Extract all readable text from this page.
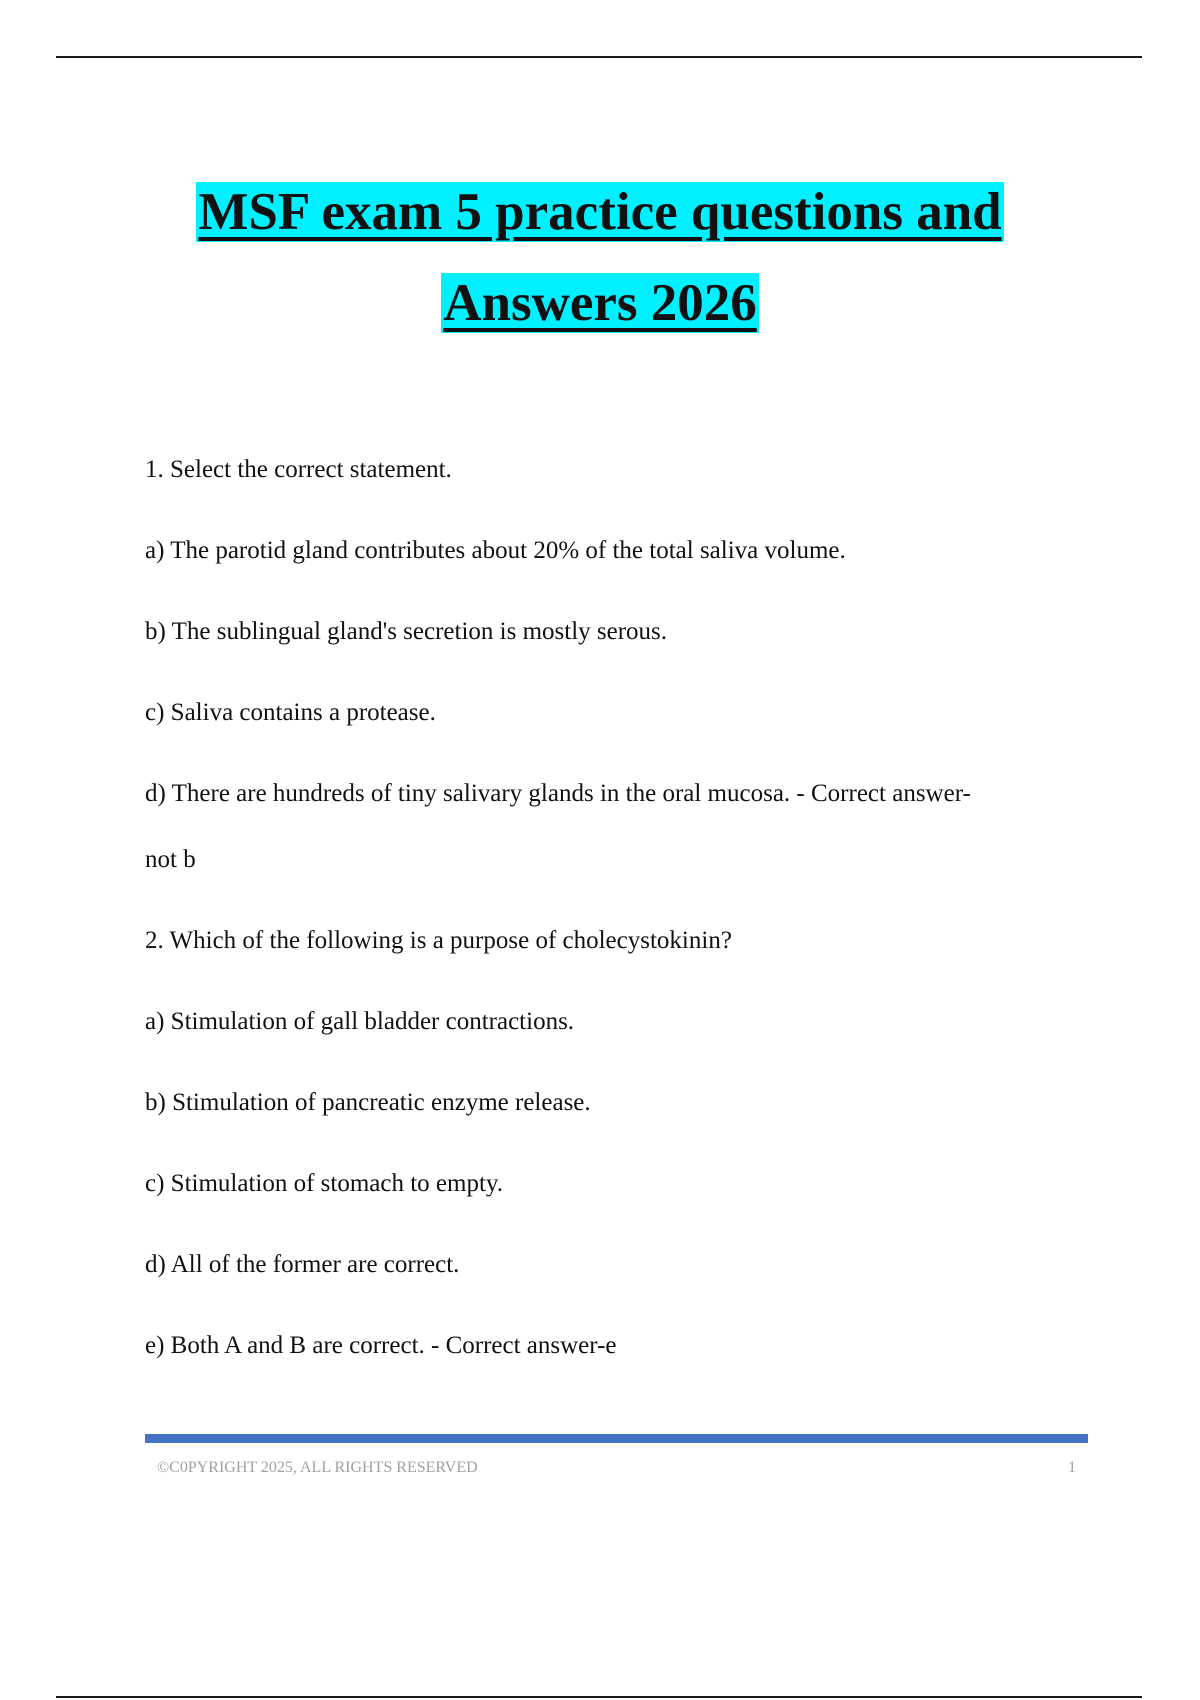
MSF exam 5 practice questions and
Answers 2026
1. Select the correct statement.
a) The parotid gland contributes about 20% of the total saliva volume.
b) The sublingual gland's secretion is mostly serous.
c) Saliva contains a protease.
d) There are hundreds of tiny salivary glands in the oral mucosa. - Correct answer-
not b
2. Which of the following is a purpose of cholecystokinin?
a) Stimulation of gall bladder contractions.
b) Stimulation of pancreatic enzyme release.
c) Stimulation of stomach to empty.
d) All of the former are correct.
e) Both A and B are correct. - Correct answer-e
©C0PYRIGHT 2025, ALL RIGHTS RESERVED	1
